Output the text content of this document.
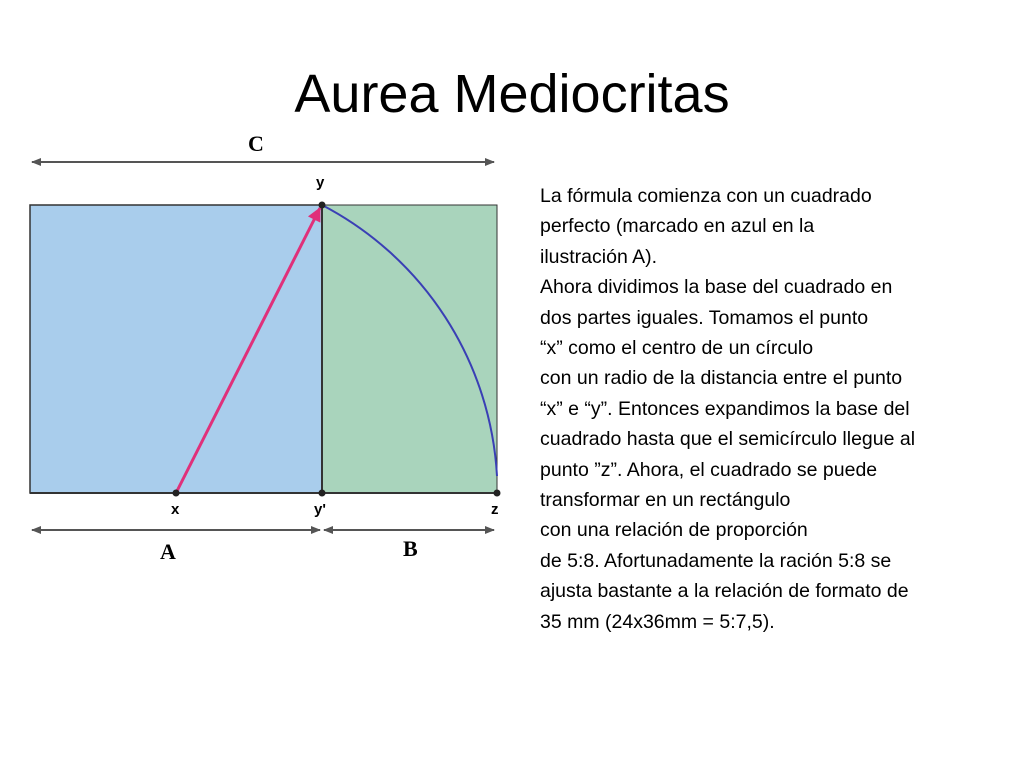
Aurea Mediocritas
C
y
x	y'	z
A	B
La fórmula comienza con un cuadrado
perfecto (marcado en azul en la
ilustración A).
Ahora dividimos la base del cuadrado en
dos partes iguales. Tomamos el punto
“x” como el centro de un círculo
con un radio de la distancia entre el punto
“x” e “y”. Entonces expandimos la base del
cuadrado hasta que el semicírculo llegue al
punto ”z”. Ahora, el cuadrado se puede
transformar en un rectángulo
con una relación de proporción
de 5:8. Afortunadamente la ración 5:8 se
ajusta bastante a la relación de formato de
35 mm (24x36mm = 5:7,5).
